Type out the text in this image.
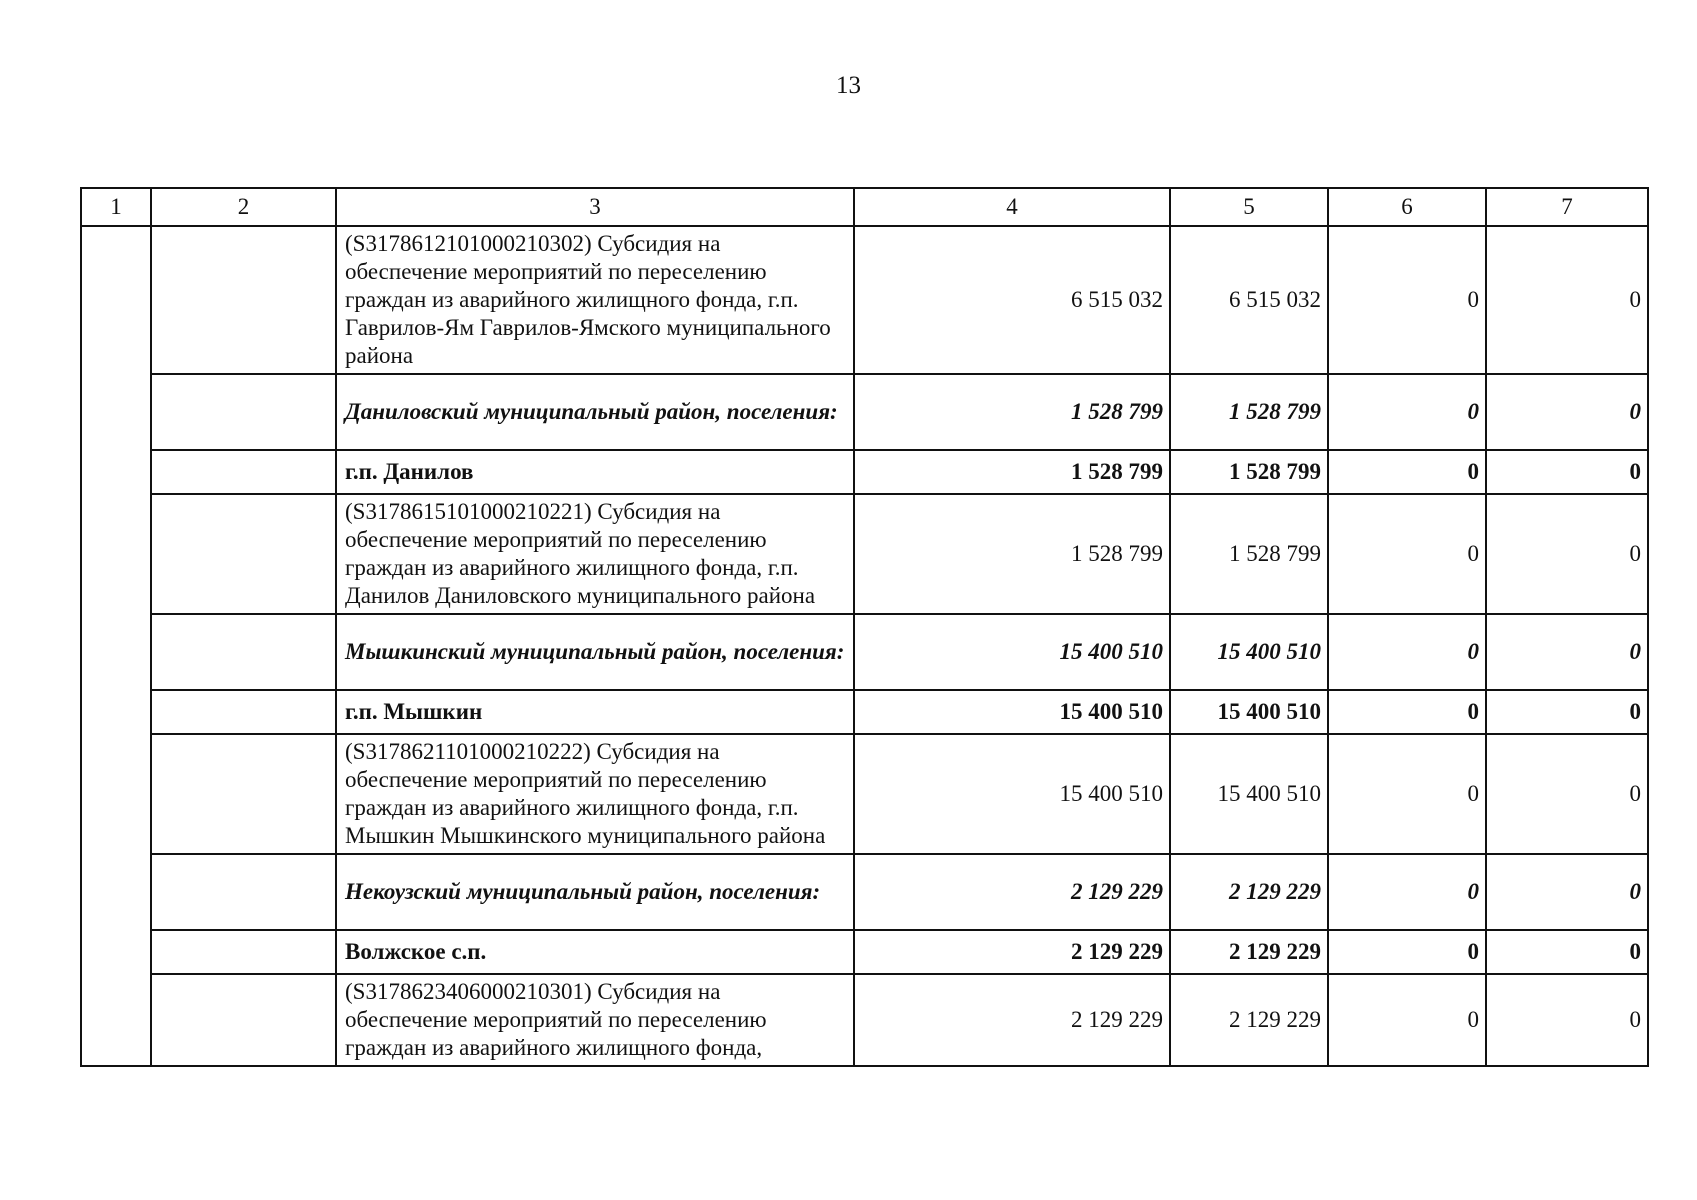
13
1	2	3	4	5	6	7
		(S3178612101000210302) Субсидия на обеспечение мероприятий по переселению граждан из аварийного жилищного фонда, г.п. Гаврилов-Ям Гаврилов-Ямского муниципального района	6 515 032	6 515 032	0	0
		Даниловский муниципальный район, поселения:	1 528 799	1 528 799	0	0
		г.п. Данилов	1 528 799	1 528 799	0	0
		(S3178615101000210221) Субсидия на обеспечение мероприятий по переселению граждан из аварийного жилищного фонда, г.п. Данилов Даниловского муниципального района	1 528 799	1 528 799	0	0
		Мышкинский муниципальный район, поселения:	15 400 510	15 400 510	0	0
		г.п. Мышкин	15 400 510	15 400 510	0	0
		(S3178621101000210222) Субсидия на обеспечение мероприятий по переселению граждан из аварийного жилищного фонда, г.п. Мышкин Мышкинского муниципального района	15 400 510	15 400 510	0	0
		Некоузский муниципальный район, поселения:	2 129 229	2 129 229	0	0
		Волжское с.п.	2 129 229	2 129 229	0	0
		(S3178623406000210301) Субсидия на обеспечение мероприятий по переселению граждан из аварийного жилищного фонда,	2 129 229	2 129 229	0	0
